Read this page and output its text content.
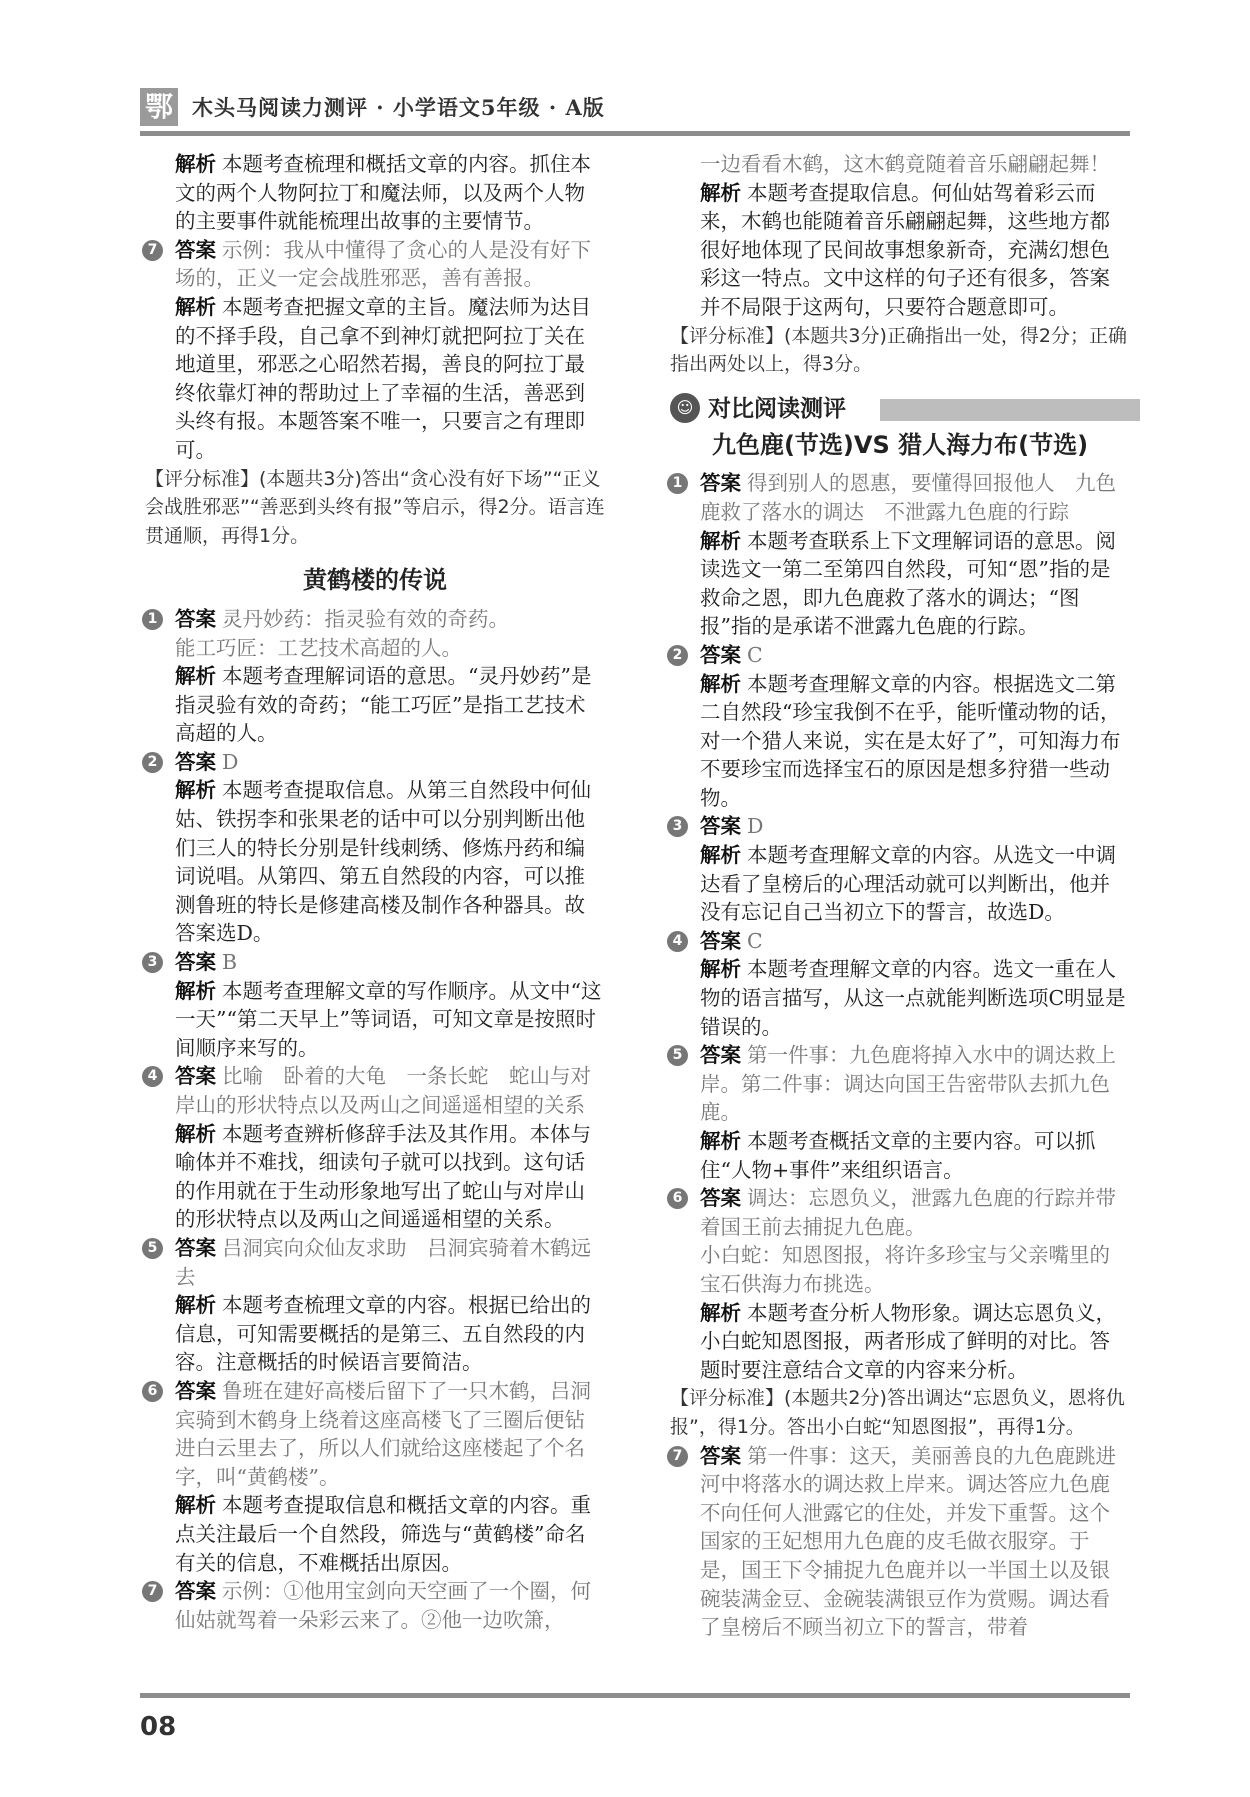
鄂 木头马阅读力测评 · 小学语文5年级 · A版

解析 本题考查梳理和概括文章的内容。抓住本文的两个人物阿拉丁和魔法师，以及两个人物的主要事件就能梳理出故事的主要情节。

7 答案 示例：我从中懂得了贪心的人是没有好下场的，正义一定会战胜邪恶，善有善报。

解析 本题考查把握文章的主旨。魔法师为达目的不择手段，自己拿不到神灯就把阿拉丁关在地道里，邪恶之心昭然若揭，善良的阿拉丁最终依靠灯神的帮助过上了幸福的生活，善恶到头终有报。本题答案不唯一，只要言之有理即可。

【评分标准】(本题共3分)答出“贪心没有好下场”“正义会战胜邪恶”“善恶到头终有报”等启示，得2分。语言连贯通顺，再得1分。

黄鹤楼的传说
1 答案 灵丹妙药：指灵验有效的奇药。
能工巧匠：工艺技术高超的人。

解析 本题考查理解词语的意思。“灵丹妙药”是指灵验有效的奇药；“能工巧匠”是指工艺技术高超的人。

2 答案 D

解析 本题考查提取信息。从第三自然段中何仙姑、铁拐李和张果老的话中可以分别判断出他们三人的特长分别是针线刺绣、修炼丹药和编词说唱。从第四、第五自然段的内容，可以推测鲁班的特长是修建高楼及制作各种器具。故答案选D。

3 答案 B

解析 本题考查理解文章的写作顺序。从文中“这一天”“第二天早上”等词语，可知文章是按照时间顺序来写的。

4 答案 比喻　卧着的大龟　一条长蛇　蛇山与对岸山的形状特点以及两山之间遥遥相望的关系

解析 本题考查辨析修辞手法及其作用。本体与喻体并不难找，细读句子就可以找到。这句话的作用就在于生动形象地写出了蛇山与对岸山的形状特点以及两山之间遥遥相望的关系。

5 答案 吕洞宾向众仙友求助　吕洞宾骑着木鹤远去

解析 本题考查梳理文章的内容。根据已给出的信息，可知需要概括的是第三、五自然段的内容。注意概括的时候语言要简洁。

6 答案 鲁班在建好高楼后留下了一只木鹤，吕洞宾骑到木鹤身上绕着这座高楼飞了三圈后便钻进白云里去了，所以人们就给这座楼起了个名字，叫“黄鹤楼”。

解析 本题考查提取信息和概括文章的内容。重点关注最后一个自然段，筛选与“黄鹤楼”命名有关的信息，不难概括出原因。

7 答案 示例：①他用宝剑向天空画了一个圈，何仙姑就驾着一朵彩云来了。②他一边吹箫，

一边看看木鹤，这木鹤竟随着音乐翩翩起舞！

解析 本题考查提取信息。何仙姑驾着彩云而来，木鹤也能随着音乐翩翩起舞，这些地方都很好地体现了民间故事想象新奇，充满幻想色彩这一特点。文中这样的句子还有很多，答案并不局限于这两句，只要符合题意即可。

【评分标准】(本题共3分)正确指出一处，得2分；正确指出两处以上，得3分。

☺ 对比阅读测评
九色鹿(节选)VS 猎人海力布(节选)
1 答案 得到别人的恩惠，要懂得回报他人　九色鹿救了落水的调达　不泄露九色鹿的行踪

解析 本题考查联系上下文理解词语的意思。阅读选文一第二至第四自然段，可知“恩”指的是救命之恩，即九色鹿救了落水的调达；“图报”指的是承诺不泄露九色鹿的行踪。

2 答案 C

解析 本题考查理解文章的内容。根据选文二第二自然段“珍宝我倒不在乎，能听懂动物的话，对一个猎人来说，实在是太好了”，可知海力布不要珍宝而选择宝石的原因是想多狩猎一些动物。

3 答案 D

解析 本题考查理解文章的内容。从选文一中调达看了皇榜后的心理活动就可以判断出，他并没有忘记自己当初立下的誓言，故选D。

4 答案 C

解析 本题考查理解文章的内容。选文一重在人物的语言描写，从这一点就能判断选项C明显是错误的。

5 答案 第一件事：九色鹿将掉入水中的调达救上岸。第二件事：调达向国王告密带队去抓九色鹿。

解析 本题考查概括文章的主要内容。可以抓住“人物+事件”来组织语言。

6 答案 调达：忘恩负义，泄露九色鹿的行踪并带着国王前去捕捉九色鹿。
小白蛇：知恩图报，将许多珍宝与父亲嘴里的宝石供海力布挑选。

解析 本题考查分析人物形象。调达忘恩负义，小白蛇知恩图报，两者形成了鲜明的对比。答题时要注意结合文章的内容来分析。

【评分标准】(本题共2分)答出调达“忘恩负义，恩将仇报”，得1分。答出小白蛇“知恩图报”，再得1分。

7 答案 第一件事：这天，美丽善良的九色鹿跳进河中将落水的调达救上岸来。调达答应九色鹿不向任何人泄露它的住处，并发下重誓。这个国家的王妃想用九色鹿的皮毛做衣服穿。于是，国王下令捕捉九色鹿并以一半国土以及银碗装满金豆、金碗装满银豆作为赏赐。调达看了皇榜后不顾当初立下的誓言，带着

08
